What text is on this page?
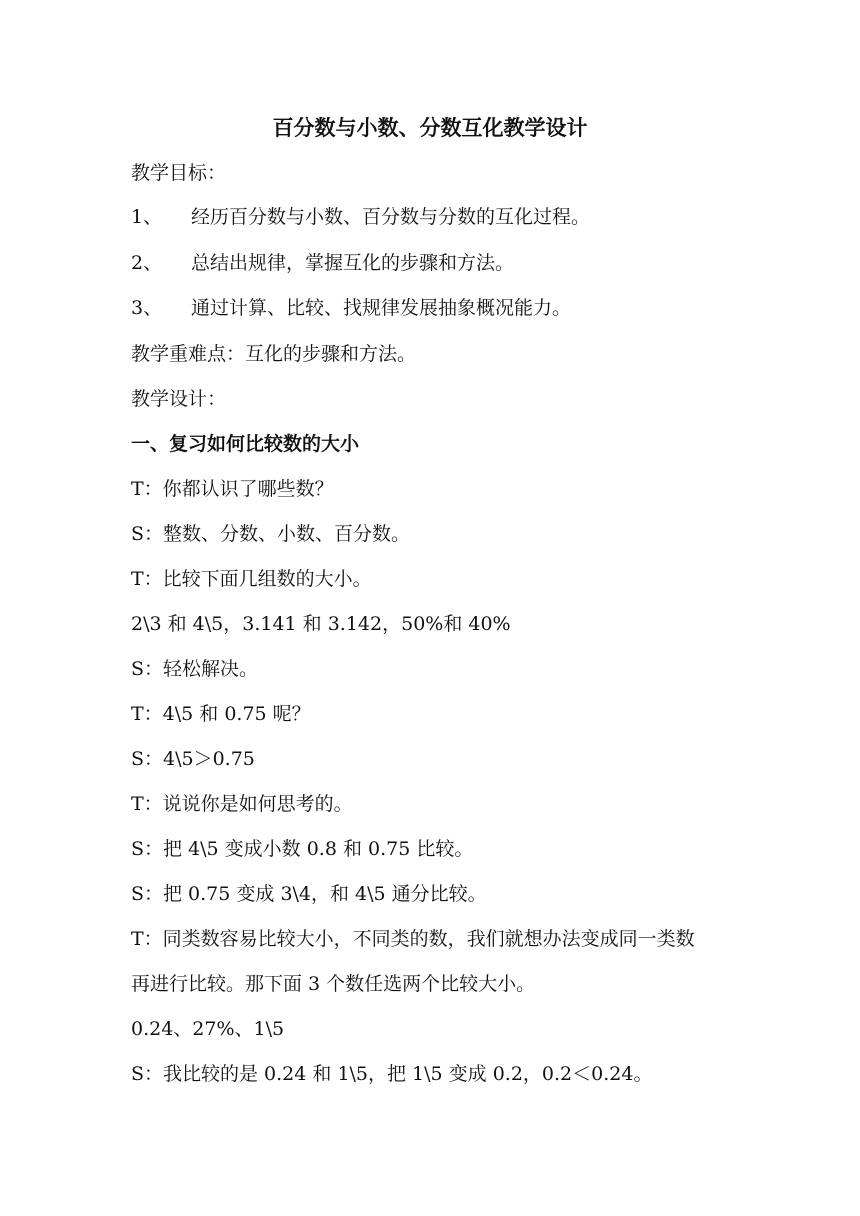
百分数与小数、分数互化教学设计
教学目标：
1、 经历百分数与小数、百分数与分数的互化过程。
2、 总结出规律，掌握互化的步骤和方法。
3、 通过计算、比较、找规律发展抽象概况能力。
教学重难点：互化的步骤和方法。
教学设计：
一、复习如何比较数的大小
T：你都认识了哪些数？
S：整数、分数、小数、百分数。
T：比较下面几组数的大小。
2\3 和 4\5，3.141 和 3.142，50%和 40%
S：轻松解决。
T：4\5 和 0.75 呢？
S：4\5＞0.75
T：说说你是如何思考的。
S：把 4\5 变成小数 0.8 和 0.75 比较。
S：把 0.75 变成 3\4，和 4\5 通分比较。
T：同类数容易比较大小，不同类的数，我们就想办法变成同一类数
再进行比较。那下面 3 个数任选两个比较大小。
0.24、27%、1\5
S：我比较的是 0.24 和 1\5，把 1\5 变成 0.2，0.2＜0.24。
